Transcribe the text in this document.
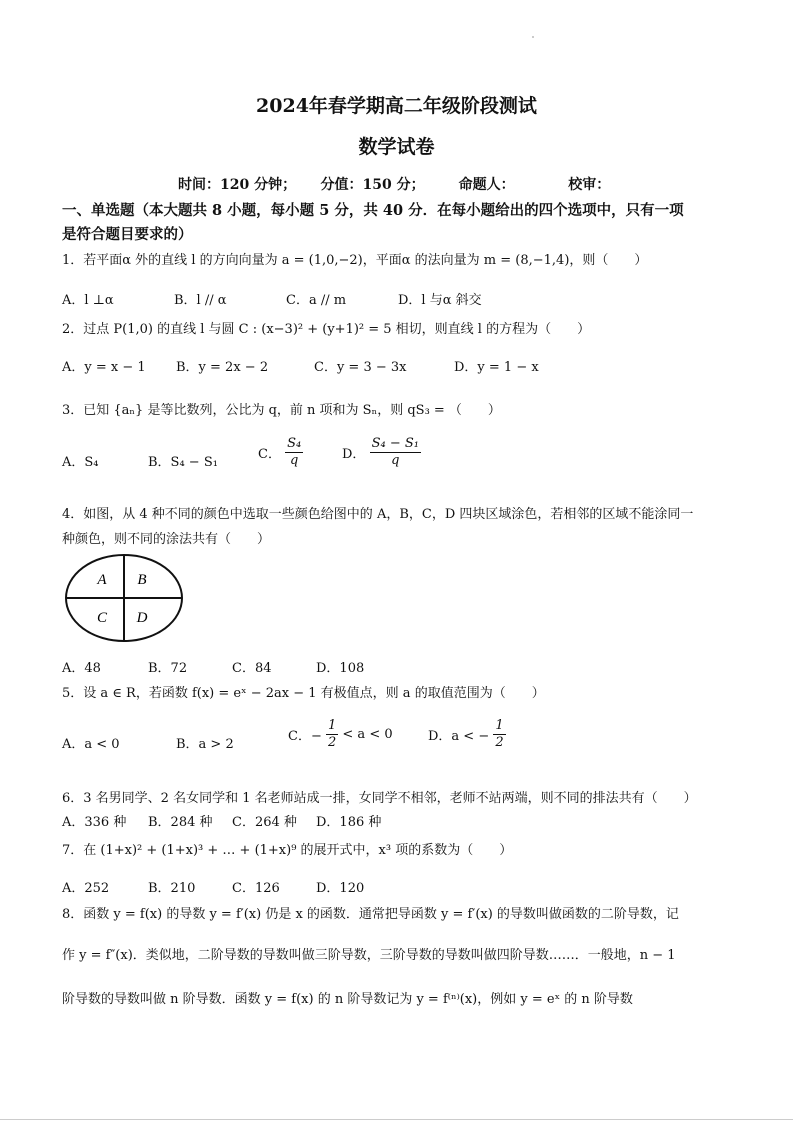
2024年春学期高二年级阶段测试
数学试卷
时间：120 分钟；     分值：150 分；       命题人：           校审：
一、单选题（本大题共 8 小题，每小题 5 分，共 40 分．在每小题给出的四个选项中，只有一项
是符合题目要求的）
1．若平面α 外的直线 l 的方向向量为 a = (1,0,−2)，平面α 的法向量为 m = (8,−1,4)，则（　　）
A．l ⊥α	B．l // α	C．a // m	D．l 与α 斜交
2．过点 P(1,0) 的直线 l 与圆 C : (x−3)² + (y+1)² = 5 相切，则直线 l 的方程为（　　）
A．y = x − 1 B．y = 2x − 2	C．y = 3 − 3x	D．y = 1 − x
3．已知 {aₙ} 是等比数列，公比为 q，前 n 项和为 Sₙ，则 qS₃ = （　　）
A．S₄	B．S₄ − S₁
C． $\frac{\text{S₄}}{q}$	D． $\frac{\text{S₄ − S₁}}{q}$
4．如图，从 4 种不同的颜色中选取一些颜色给图中的 A，B，C，D 四块区域涂色，若相邻的区域不能涂同一
种颜色，则不同的涂法共有（　　）
A B
C D
A．48	B．72	C．84	D．108
5．设 a ∈ R，若函数 f(x) = eˣ − 2ax − 1 有极值点，则 a 的取值范围为（　　）
A．a < 0	B．a > 2
C．− $\frac{1}{2} < a < 0$	D．a < − $\frac{1}{2}$
6．3 名男同学、2 名女同学和 1 名老师站成一排，女同学不相邻，老师不站两端，则不同的排法共有（　　）
A．336 种 B．284 种 C．264 种 D．186 种
7．在 (1+x)² + (1+x)³ + … + (1+x)⁹ 的展开式中，x³ 项的系数为（　　）
A．252	B．210	C．126	D．120
8．函数 y = f(x) 的导数 y = f′(x) 仍是 x 的函数．通常把导函数 y = f′(x) 的导数叫做函数的二阶导数，记
作 y = f″(x)．类似地，二阶导数的导数叫做三阶导数，三阶导数的导数叫做四阶导数……．一般地，n − 1
阶导数的导数叫做 n 阶导数．函数 y = f(x) 的 n 阶导数记为 y = f⁽ⁿ⁾(x)，例如 y = eˣ 的 n 阶导数
